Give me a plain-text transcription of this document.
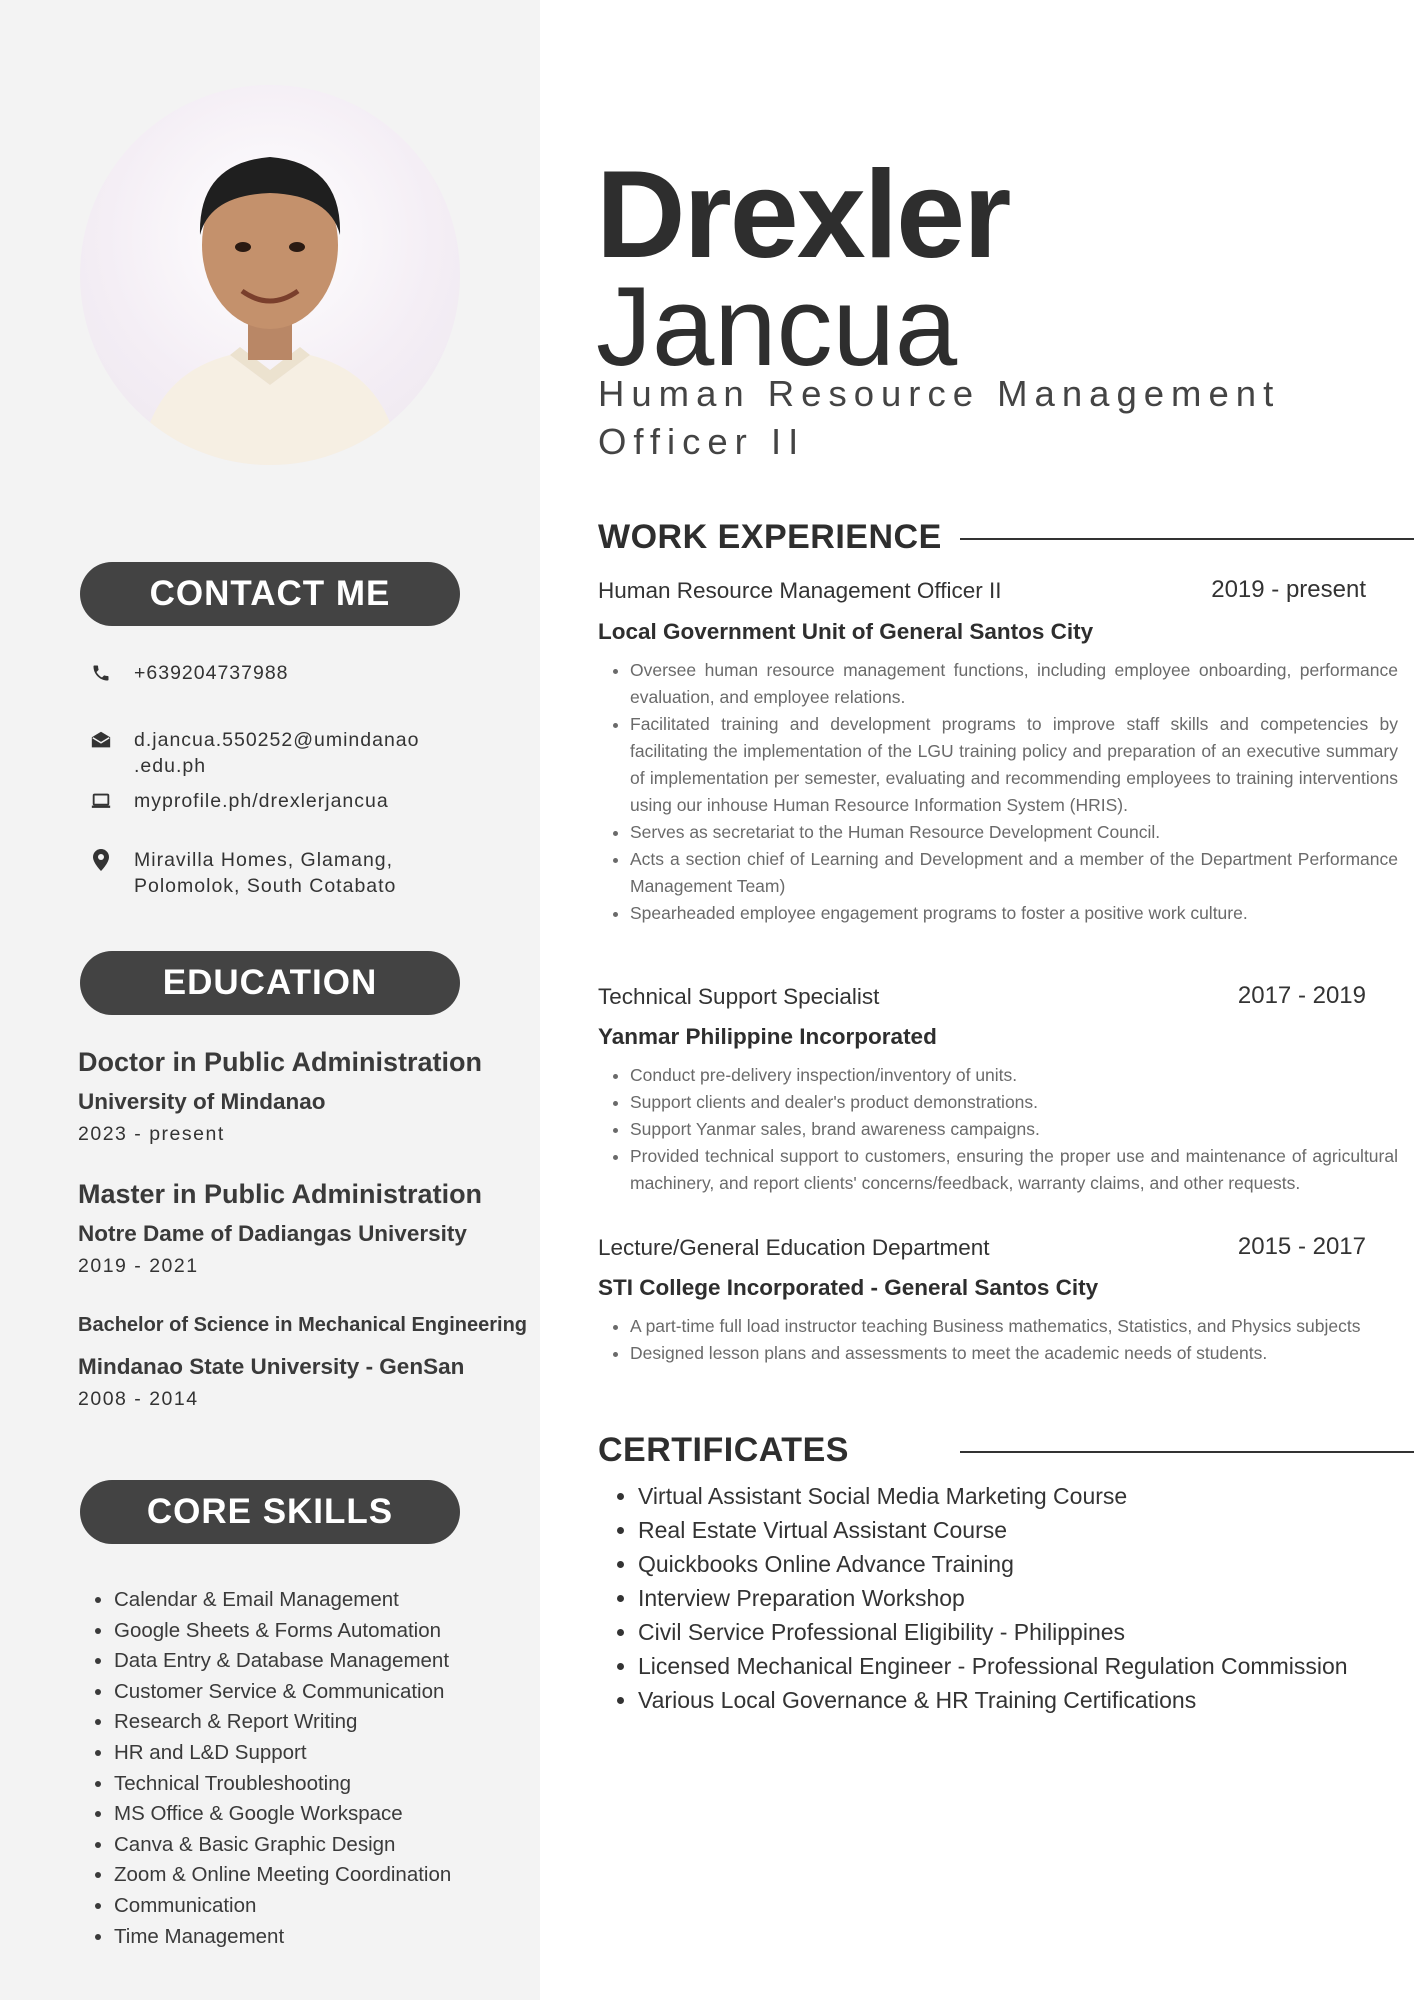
CONTACT ME
+639204737988
d.jancua.550252@umindanao
.edu.ph
myprofile.ph/drexlerjancua
Miravilla Homes, Glamang,
Polomolok, South Cotabato
EDUCATION
Doctor in Public Administration
University of Mindanao
2023 - present
Master in Public Administration
Notre Dame of Dadiangas University
2019 - 2021
Bachelor of Science in Mechanical Engineering
Mindanao State University - GenSan
2008 - 2014
CORE SKILLS
• Calendar & Email Management
• Google Sheets & Forms Automation
• Data Entry & Database Management
• Customer Service & Communication
• Research & Report Writing
• HR and L&D Support
• Technical Troubleshooting
• MS Office & Google Workspace
• Canva & Basic Graphic Design
• Zoom & Online Meeting Coordination
• Communication
• Time Management
Drexler
Jancua
Human Resource Management Officer II
WORK EXPERIENCE
Human Resource Management Officer II	2019 - present
Local Government Unit of General Santos City
• Oversee human resource management functions, including employee onboarding, performance evaluation, and employee relations.
• Facilitated training and development programs to improve staff skills and competencies by facilitating the implementation of the LGU training policy and preparation of an executive summary of implementation per semester, evaluating and recommending employees to training interventions using our inhouse Human Resource Information System (HRIS).
• Serves as secretariat to the Human Resource Development Council.
• Acts a section chief of Learning and Development and a member of the Department Performance Management Team)
• Spearheaded employee engagement programs to foster a positive work culture.
Technical Support Specialist	2017 - 2019
Yanmar Philippine Incorporated
• Conduct pre-delivery inspection/inventory of units.
• Support clients and dealer's product demonstrations.
• Support Yanmar sales, brand awareness campaigns.
• Provided technical support to customers, ensuring the proper use and maintenance of agricultural machinery, and report clients' concerns/feedback, warranty claims, and other requests.
Lecture/General Education Department	2015 - 2017
STI College Incorporated - General Santos City
• A part-time full load instructor teaching Business mathematics, Statistics, and Physics subjects
• Designed lesson plans and assessments to meet the academic needs of students.
CERTIFICATES
• Virtual Assistant Social Media Marketing Course
• Real Estate Virtual Assistant Course
• Quickbooks Online Advance Training
• Interview Preparation Workshop
• Civil Service Professional Eligibility - Philippines
• Licensed Mechanical Engineer - Professional Regulation Commission
• Various Local Governance & HR Training Certifications
